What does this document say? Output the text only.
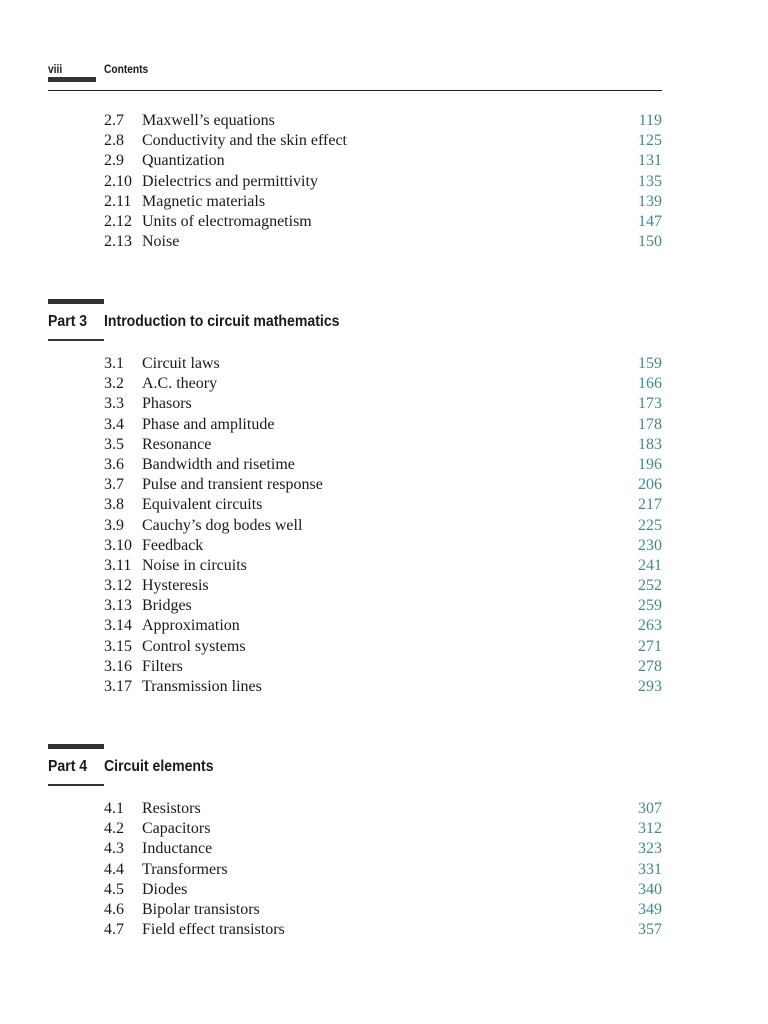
viii	Contents
2.7 Maxwell’s equations	119
2.8 Conductivity and the skin effect	125
2.9 Quantization	131
2.10 Dielectrics and permittivity	135
2.11 Magnetic materials	139
2.12 Units of electromagnetism	147
2.13 Noise	150
Part 3 Introduction to circuit mathematics
3.1 Circuit laws	159
3.2 A.C. theory	166
3.3 Phasors	173
3.4 Phase and amplitude	178
3.5 Resonance	183
3.6 Bandwidth and risetime	196
3.7 Pulse and transient response	206
3.8 Equivalent circuits	217
3.9 Cauchy’s dog bodes well	225
3.10 Feedback	230
3.11 Noise in circuits	241
3.12 Hysteresis	252
3.13 Bridges	259
3.14 Approximation	263
3.15 Control systems	271
3.16 Filters	278
3.17 Transmission lines	293
Part 4 Circuit elements
4.1 Resistors	307
4.2 Capacitors	312
4.3 Inductance	323
4.4 Transformers	331
4.5 Diodes	340
4.6 Bipolar transistors	349
4.7 Field effect transistors	357
